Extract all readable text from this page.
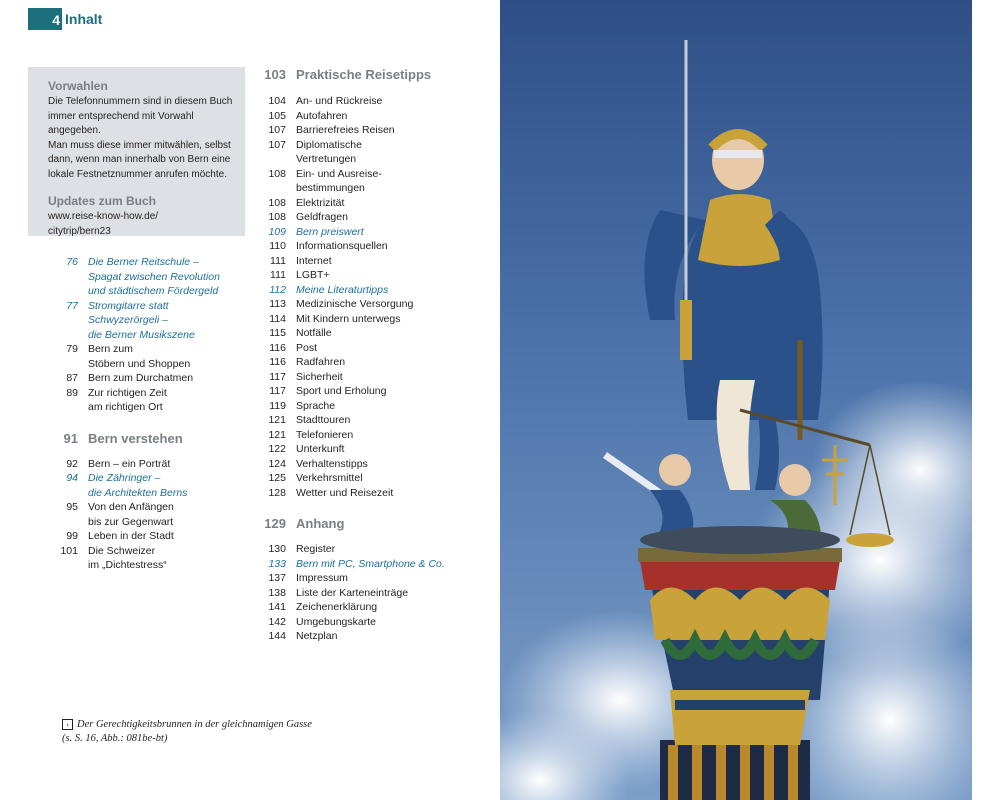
4 Inhalt
Vorwahlen

Die Telefonnummern sind in diesem Buch
immer entsprechend mit Vorwahl angegeben.
Man muss diese immer mitwählen, selbst
dann, wenn man innerhalb von Bern eine
lokale Festnetznummer anrufen möchte.

Updates zum Buch

www.reise-know-how.de/
citytrip/bern23

76 Die Berner Reitschule –
Spagat zwischen Revolution
und städtischem Fördergeld
77 Stromgitarre statt
Schwyzerörgeli –
die Berner Musikszene
79 Bern zum
Stöbern und Shoppen
87 Bern zum Durchatmen
89 Zur richtigen Zeit
am richtigen Ort
91 Bern verstehen
92 Bern – ein Porträt
94 Die Zähringer –
die Architekten Berns
95 Von den Anfängen
bis zur Gegenwart
99 Leben in der Stadt
101 Die Schweizer
im „Dichtestress“
103 Praktische Reisetipps
104 An- und Rückreise
105 Autofahren
107 Barrierefreies Reisen
107 Diplomatische
Vertretungen
108 Ein- und Ausreise-
bestimmungen
108 Elektrizität
108 Geldfragen
109 Bern preiswert
110 Informationsquellen
111 Internet
111 LGBT+
112 Meine Literaturtipps
113 Medizinische Versorgung
114 Mit Kindern unterwegs
115 Notfälle
116 Post
116 Radfahren
117 Sicherheit
117 Sport und Erholung
119 Sprache
121 Stadttouren
121 Telefonieren
122 Unterkunft
124 Verhaltenstipps
125 Verkehrsmittel
128 Wetter und Reisezeit
129 Anhang
130 Register
133 Bern mit PC, Smartphone & Co.
137 Impressum
138 Liste der Karteneinträge
141 Zeichenerklärung
142 Umgebungskarte
144 Netzplan
› Der Gerechtigkeitsbrunnen in der gleichnamigen Gasse
(s. S. 16, Abb.: 081be-bt)
